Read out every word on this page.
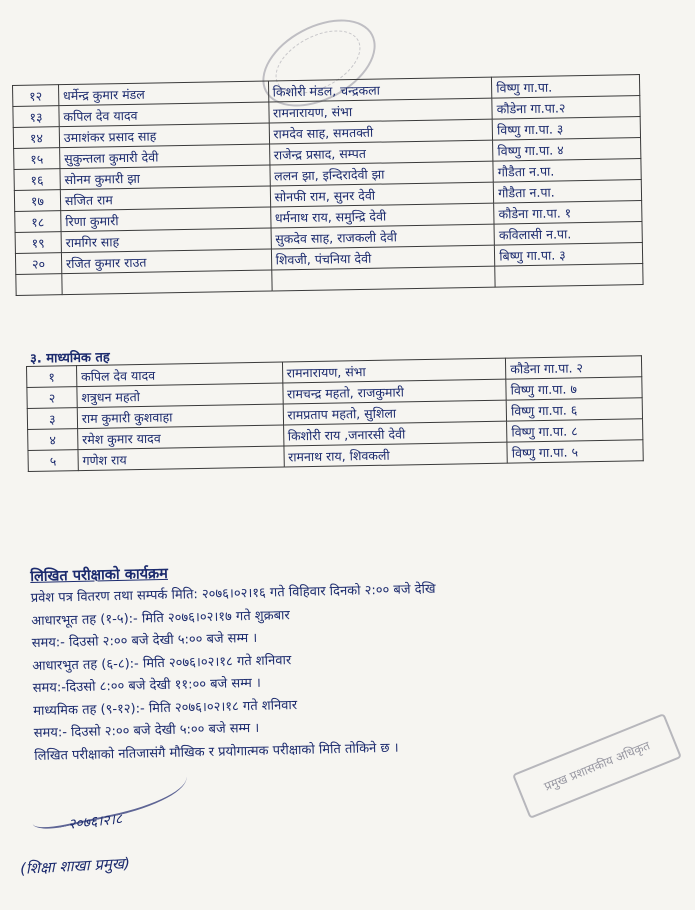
१२	धर्मेन्द्र कुमार मंडल	किशोरी मंडल, चन्द्रकला	विष्णु गा.पा.
१३	कपिल देव यादव	रामनारायण, संभा	कौडेना गा.पा.२
१४	उमाशंकर प्रसाद साह	रामदेव साह, समतक्ती	विष्णु गा.पा. ३
१५	सुकुन्तला कुमारी देवी	राजेन्द्र प्रसाद, सम्पत	विष्णु गा.पा. ४
१६	सोनम कुमारी झा	ललन झा, इन्दिरादेवी झा	गौडैता न.पा.
१७	सजित राम	सोनफी राम, सुनर देवी	गौडैता न.पा.
१८	रिणा कुमारी	धर्मनाथ राय, समुन्द्रि देवी	कौडेना गा.पा. १
१९	रामगिर साह	सुकदेव साह, राजकली देवी	कविलासी न.पा.
२०	रजित कुमार राउत	शिवजी, पंचनिया देवी	बिष्णु गा.पा. ३

३. माध्यमिक तह
१	कपिल देव यादव	रामनारायण, संभा	कौडेना गा.पा. २
२	शत्रुधन महतो	रामचन्द्र महतो, राजकुमारी	विष्णु गा.पा. ७
३	राम कुमारी कुशवाहा	रामप्रताप महतो, सुशिला	विष्णु गा.पा. ६
४	रमेश कुमार यादव	किशोरी राय ,जनारसी देवी	विष्णु गा.पा. ८
५	गणेश राय	रामनाथ राय, शिवकली	विष्णु गा.पा. ५
लिखित परीक्षाको कार्यक्रम
प्रवेश पत्र वितरण तथा सम्पर्क मिति: २०७६।०२।१६ गते विहिवार दिनको २:०० बजे देखि
आधारभूत तह (१-५):- मिति २०७६।०२।१७ गते शुक्रबार
समय:- दिउसो २:०० बजे देखी ५:०० बजे सम्म ।
आधारभुत तह (६-८):- मिति २०७६।०२।१८ गते शनिवार
समय:-दिउसो ८:०० बजे देखी ११:०० बजे सम्म ।
माध्यमिक तह (९-१२):- मिति २०७६।०२।१८ गते शनिवार
समय:- दिउसो २:०० बजे देखी ५:०० बजे सम्म ।
लिखित परीक्षाको नतिजासंगै मौखिक र प्रयोगात्मक परीक्षाको मिति तोकिने छ ।
२०७६।२।८
(शिक्षा शाखा प्रमुख)
प्रमुख प्रशासकीय अधिकृत
